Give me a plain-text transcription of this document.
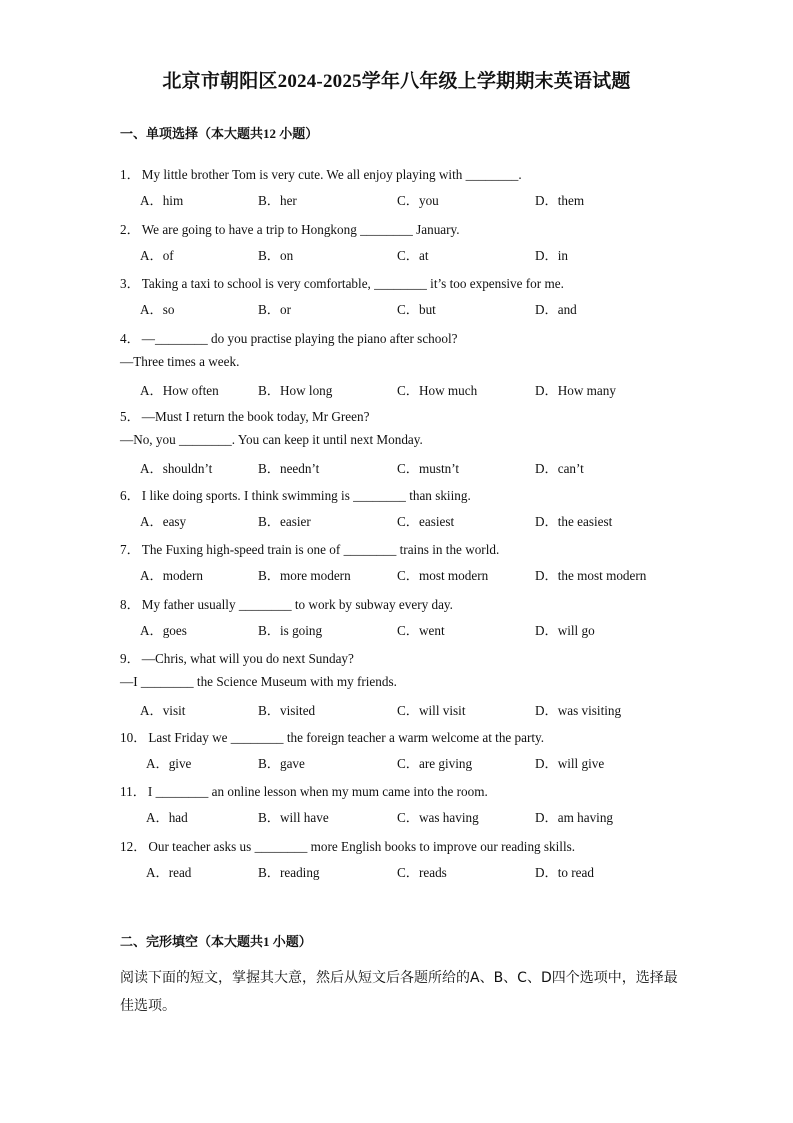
北京市朝阳区2024-2025学年八年级上学期期末英语试题
一、单项选择（本大题共12 小题）
1． My little brother Tom is very cute. We all enjoy playing with ________.
A．him	B．her	C．you	D．them
2． We are going to have a trip to Hongkong ________ January.
A．of	B．on	C．at	D．in
3． Taking a taxi to school is very comfortable, ________ it’s too expensive for me.
A．so	B．or	C．but	D．and
4． —________ do you practise playing the piano after school?
—Three times a week.
A．How often	B．How long	C．How much	D．How many
5． —Must I return the book today, Mr Green?
—No, you ________. You can keep it until next Monday.
A．shouldn’t	B．needn’t	C．mustn’t	D．can’t
6． I like doing sports. I think swimming is ________ than skiing.
A．easy	B．easier	C．easiest	D．the easiest
7． The Fuxing high-speed train is one of ________ trains in the world.
A．modern	B．more modern	C．most modern	D．the most modern
8． My father usually ________ to work by subway every day.
A．goes	B．is going	C．went	D．will go
9． —Chris, what will you do next Sunday?
—I ________ the Science Museum with my friends.
A．visit	B．visited	C．will visit	D．was visiting
10． Last Friday we ________ the foreign teacher a warm welcome at the party.
A．give	B．gave	C．are giving	D．will give
11． I ________ an online lesson when my mum came into the room.
A．had	B．will have	C．was having	D．am having
12． Our teacher asks us ________ more English books to improve our reading skills.
A．read	B．reading	C．reads	D．to read
二、完形填空（本大题共1 小题）
阅读下面的短文，掌握其大意，然后从短文后各题所给的A、B、C、D四个选项中，选择最佳选项。
